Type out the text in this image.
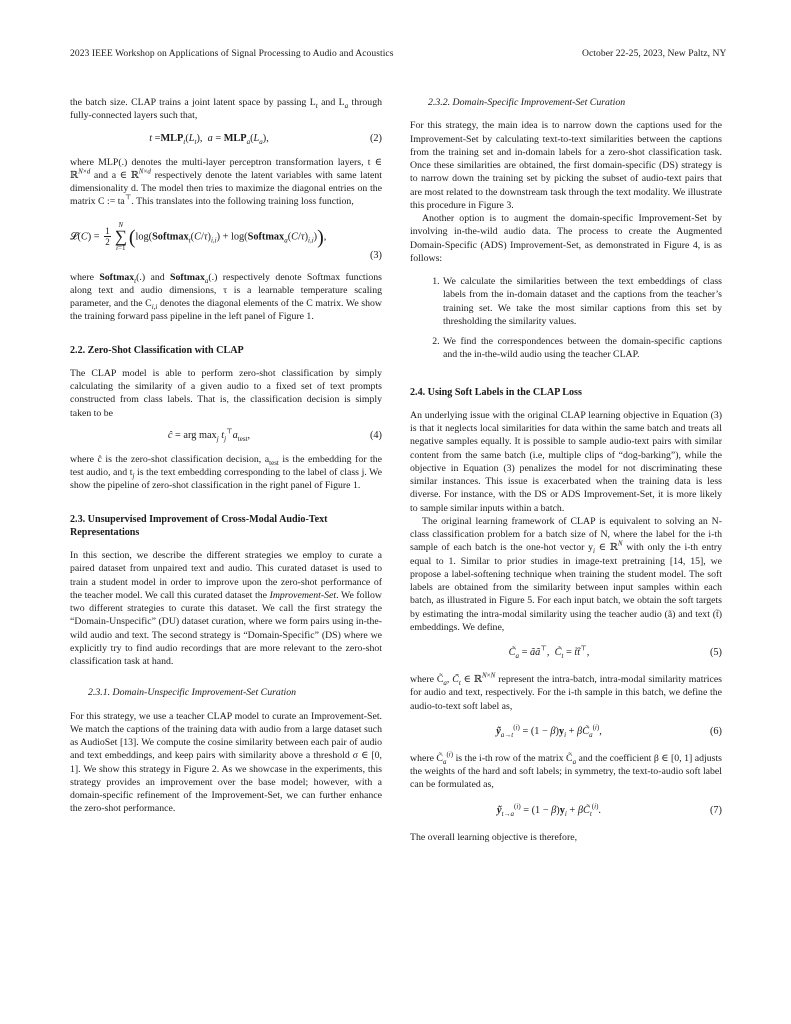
2023 IEEE Workshop on Applications of Signal Processing to Audio and Acoustics	October 22-25, 2023, New Paltz, NY

the batch size. CLAP trains a joint latent space by passing $L_t$ and $L_a$ through fully-connected layers such that,

$t =MLP_t(L_t)$,  $a = MLP_a(L_a)$,	(2)

where MLP(.) denotes the multi-layer perceptron transformation layers, t ∈ ℝ$^{N\times d}$ and a ∈ ℝ$^{N\times d}$ respectively denote the latent variables with same latent dimensionality d. The model then tries to maximize the diagonal entries on the matrix C := ta⊤. This translates into the following training loss function,

𝓛(C) = $\frac{1}{2}$
N
∑
i=1 ($\log(Softmax_t(C/\tau)_{i,i})$ + $\log(Softmax_a(C/\tau)_{i,i})$),
(3)

where Softmax$_t$(.) and Softmax$_a$(.) respectively denote Softmax functions along text and audio dimensions, τ is a learnable temperature scaling parameter, and the $C_{i,i}$ denotes the diagonal elements of the C matrix. We show the training forward pass pipeline in the left panel of Figure 1.

2.2. Zero-Shot Classification with CLAP

The CLAP model is able to perform zero-shot classification by simply calculating the similarity of a given audio to a fixed set of text prompts constructed from class labels. That is, the classification decision is simply taken to be

ĉ = arg $\max_j t_j^⊤a_{test}$,	(4)

where ĉ is the zero-shot classification decision, $a_{test}$ is the embedding for the test audio, and $t_j$ is the text embedding corresponding to the label of class j. We show the pipeline of zero-shot classification in the right panel of Figure 1.

2.3. Unsupervised Improvement of Cross-Modal Audio-Text Representations

In this section, we describe the different strategies we employ to curate a paired dataset from unpaired text and audio. This curated dataset is used to train a student model in order to improve upon the zero-shot performance of the teacher model. We call this curated dataset the Improvement-Set. We follow two different strategies to curate this dataset. We call the first strategy the “Domain-Unspecific” (DU) dataset curation, where we form pairs using in-the-wild audio and text. The second strategy is “Domain-Specific” (DS) where we explicitly try to find audio recordings that are more relevant to the zero-shot classification task at hand.

2.3.1. Domain-Unspecific Improvement-Set Curation

For this strategy, we use a teacher CLAP model to curate an Improvement-Set. We match the captions of the training data with audio from a large dataset such as AudioSet [13]. We compute the cosine similarity between each pair of audio and text embeddings, and keep pairs with similarity above a threshold σ ∈ [0, 1]. We show this strategy in Figure 2. As we showcase in the experiments, this strategy provides an improvement over the base model; however, with a domain-specific refinement of the Improvement-Set, we can further enhance the zero-shot performance.

2.3.2. Domain-Specific Improvement-Set Curation

For this strategy, the main idea is to narrow down the captions used for the Improvement-Set by calculating text-to-text similarities between the captions from the training set and in-domain labels for a zero-shot classification task. Once these similarities are obtained, the first domain-specific (DS) strategy is to narrow down the training set by picking the subset of audio-text pairs that are most related to the downstream task through the text modality. We illustrate this procedure in Figure 3.

Another option is to augment the domain-specific Improvement-Set by involving in-the-wild audio data. The process to create the Augmented Domain-Specific (ADS) Improvement-Set, as demonstrated in Figure 4, is as follows:

1. We calculate the similarities between the text embeddings of class labels from the in-domain dataset and the captions from the teacher’s training set. We take the most similar captions from this set by thresholding the similarity values.
2. We find the correspondences between the domain-specific captions and the in-the-wild audio using the teacher CLAP.
2.4. Using Soft Labels in the CLAP Loss

An underlying issue with the original CLAP learning objective in Equation (3) is that it neglects local similarities for data within the same batch and treats all negative samples equally. It is possible to sample audio-text pairs with similar content from the same batch (i.e, multiple clips of “dog-barking”), while the objective in Equation (3) penalizes the model for not discriminating these similar instances. This issue is exacerbated when the training data is less diverse. For instance, with the DS or ADS Improvement-Set, it is more likely to sample similar inputs within a batch.

The original learning framework of CLAP is equivalent to solving an N-class classification problem for a batch size of N, where the label for the i-th sample of each batch is the one-hot vector $y_i$ ∈ ℝ$^N$ with only the i-th entry equal to 1. Similar to prior studies in image-text pretraining [14, 15], we propose a label-softening technique when training the student model. The soft labels are obtained from the similarity between input samples within each batch, as illustrated in Figure 5. For each input batch, we obtain the soft targets by estimating the intra-modal similarity using the teacher audio (ã) and text (t̃) embeddings. We define,

$C̃_a$ = ãã⊤,  $C̃_t$ = t̃t̃⊤,	(5)

where $C̃_a$, $C̃_t$ ∈ ℝ$^{N\times N}$ represent the intra-batch, intra-modal similarity matrices for audio and text, respectively. For the i-th sample in this batch, we define the audio-to-text soft label as,

ỹ$_{a\to t}^{(i)}$ = $(1 - \beta)y_i$ + $\beta C̃_a^{(i)}$,	(6)

where $C̃_a^{(i)}$ is the i-th row of the matrix $C̃_a$ and the coefficient β ∈ [0, 1] adjusts the weights of the hard and soft labels; in symmetry, the text-to-audio soft label can be formulated as,

ỹ$_{t\to a}^{(i)}$ = $(1 - \beta)y_i$ + $\beta C̃_t^{(i)}$.	(7)

The overall learning objective is therefore,
